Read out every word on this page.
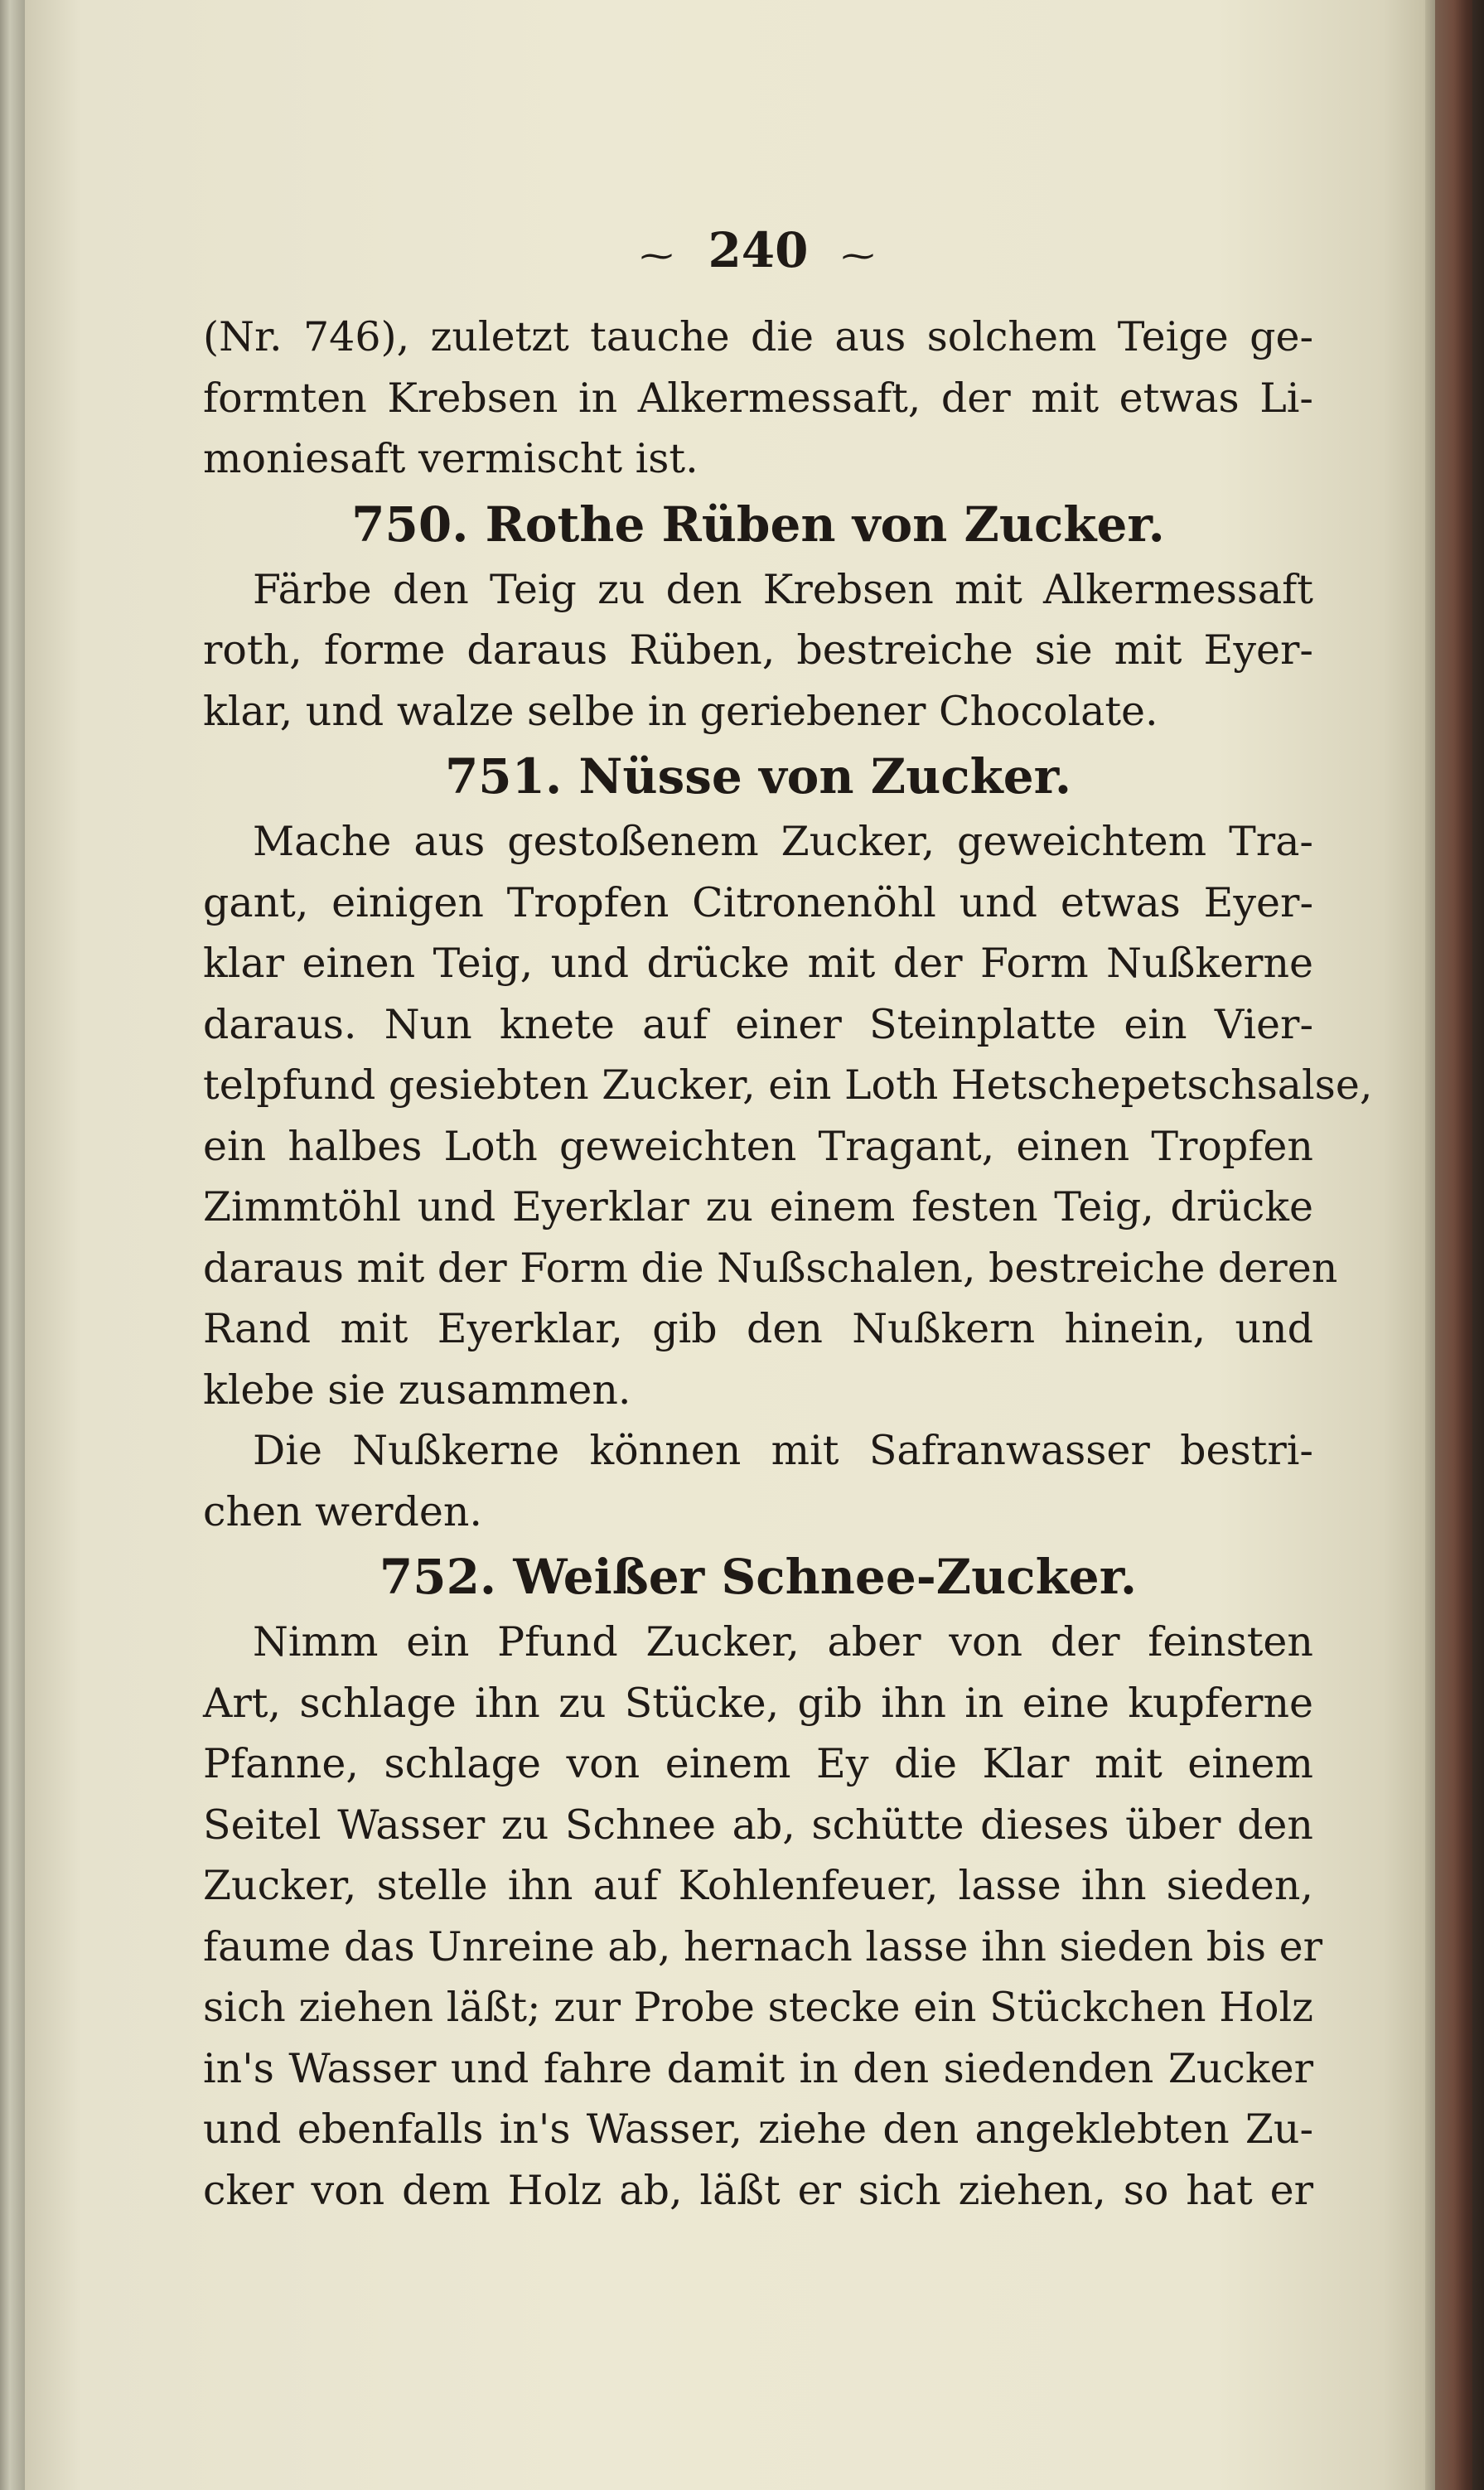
⁓ 240 ⁓
(Nr. 746), zuletzt tauche die aus solchem Teige ge-
formten Krebsen in Alkermessaft, der mit etwas Li-
moniesaft vermischt ist.
750. Rothe Rüben von Zucker.
Färbe den Teig zu den Krebsen mit Alkermessaft
roth, forme daraus Rüben, bestreiche sie mit Eyer-
klar, und walze selbe in geriebener Chocolate.
751. Nüsse von Zucker.
Mache aus gestoßenem Zucker, geweichtem Tra-
gant, einigen Tropfen Citronenöhl und etwas Eyer-
klar einen Teig, und drücke mit der Form Nußkerne
daraus. Nun knete auf einer Steinplatte ein Vier-
telpfund gesiebten Zucker, ein Loth Hetschepetschsalse,
ein halbes Loth geweichten Tragant, einen Tropfen
Zimmtöhl und Eyerklar zu einem festen Teig, drücke
daraus mit der Form die Nußschalen, bestreiche deren
Rand mit Eyerklar, gib den Nußkern hinein, und
klebe sie zusammen.
Die Nußkerne können mit Safranwasser bestri-
chen werden.
752. Weißer Schnee-Zucker.
Nimm ein Pfund Zucker, aber von der feinsten
Art, schlage ihn zu Stücke, gib ihn in eine kupferne
Pfanne, schlage von einem Ey die Klar mit einem
Seitel Wasser zu Schnee ab, schütte dieses über den
Zucker, stelle ihn auf Kohlenfeuer, lasse ihn sieden,
faume das Unreine ab, hernach lasse ihn sieden bis er
sich ziehen läßt; zur Probe stecke ein Stückchen Holz
in's Wasser und fahre damit in den siedenden Zucker
und ebenfalls in's Wasser, ziehe den angeklebten Zu-
cker von dem Holz ab, läßt er sich ziehen, so hat er
